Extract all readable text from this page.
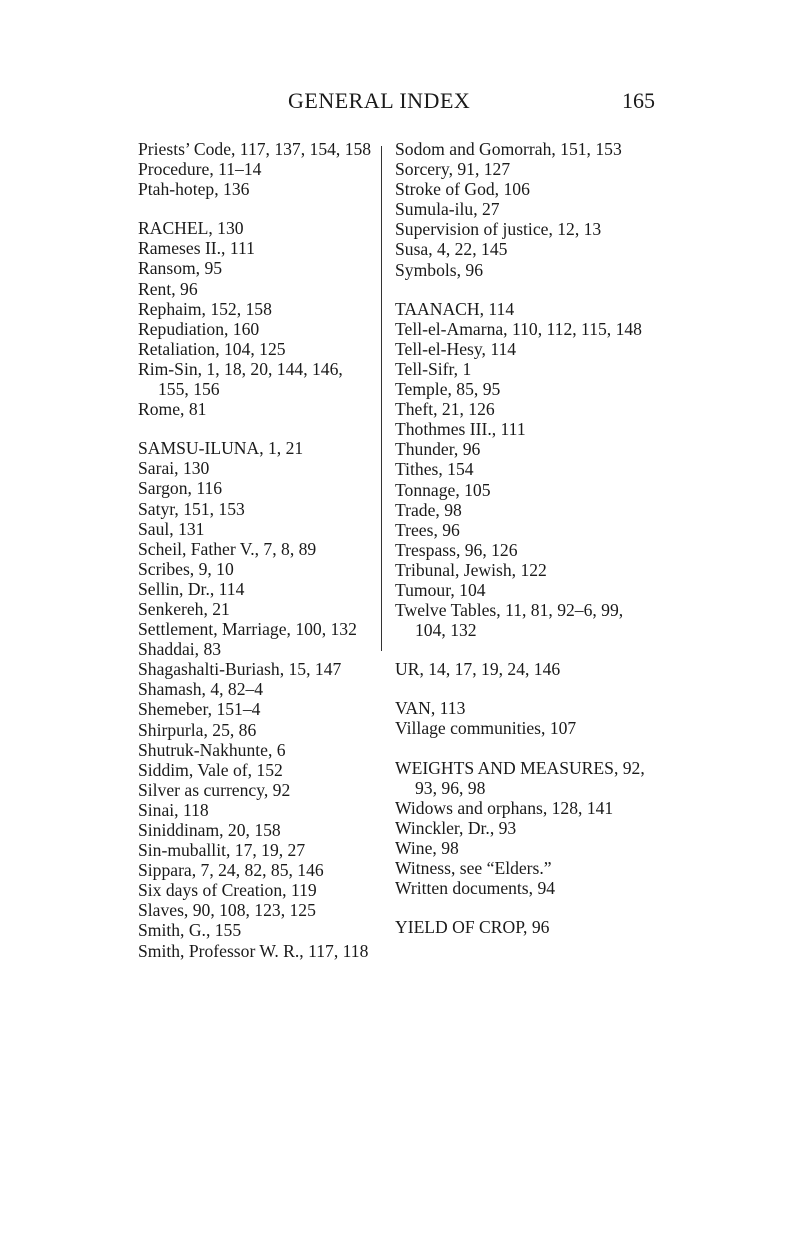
GENERAL INDEX	165
Priests’ Code, 117, 137, 154, 158
Procedure, 11–14
Ptah-hotep, 136
RACHEL, 130
Rameses II., 111
Ransom, 95
Rent, 96
Rephaim, 152, 158
Repudiation, 160
Retaliation, 104, 125
Rim-Sin, 1, 18, 20, 144, 146, 155, 156
Rome, 81
SAMSU-ILUNA, 1, 21
Sarai, 130
Sargon, 116
Satyr, 151, 153
Saul, 131
Scheil, Father V., 7, 8, 89
Scribes, 9, 10
Sellin, Dr., 114
Senkereh, 21
Settlement, Marriage, 100, 132
Shaddai, 83
Shagashalti-Buriash, 15, 147
Shamash, 4, 82–4
Shemeber, 151–4
Shirpurla, 25, 86
Shutruk-Nakhunte, 6
Siddim, Vale of, 152
Silver as currency, 92
Sinai, 118
Siniddinam, 20, 158
Sin-muballit, 17, 19, 27
Sippara, 7, 24, 82, 85, 146
Six days of Creation, 119
Slaves, 90, 108, 123, 125
Smith, G., 155
Smith, Professor W. R., 117, 118
Sodom and Gomorrah, 151, 153
Sorcery, 91, 127
Stroke of God, 106
Sumula-ilu, 27
Supervision of justice, 12, 13
Susa, 4, 22, 145
Symbols, 96
TAANACH, 114
Tell-el-Amarna, 110, 112, 115, 148
Tell-el-Hesy, 114
Tell-Sifr, 1
Temple, 85, 95
Theft, 21, 126
Thothmes III., 111
Thunder, 96
Tithes, 154
Tonnage, 105
Trade, 98
Trees, 96
Trespass, 96, 126
Tribunal, Jewish, 122
Tumour, 104
Twelve Tables, 11, 81, 92–6, 99, 104, 132
UR, 14, 17, 19, 24, 146
VAN, 113
Village communities, 107
WEIGHTS AND MEASURES, 92, 93, 96, 98
Widows and orphans, 128, 141
Winckler, Dr., 93
Wine, 98
Witness, see “Elders.”
Written documents, 94
YIELD OF CROP, 96
